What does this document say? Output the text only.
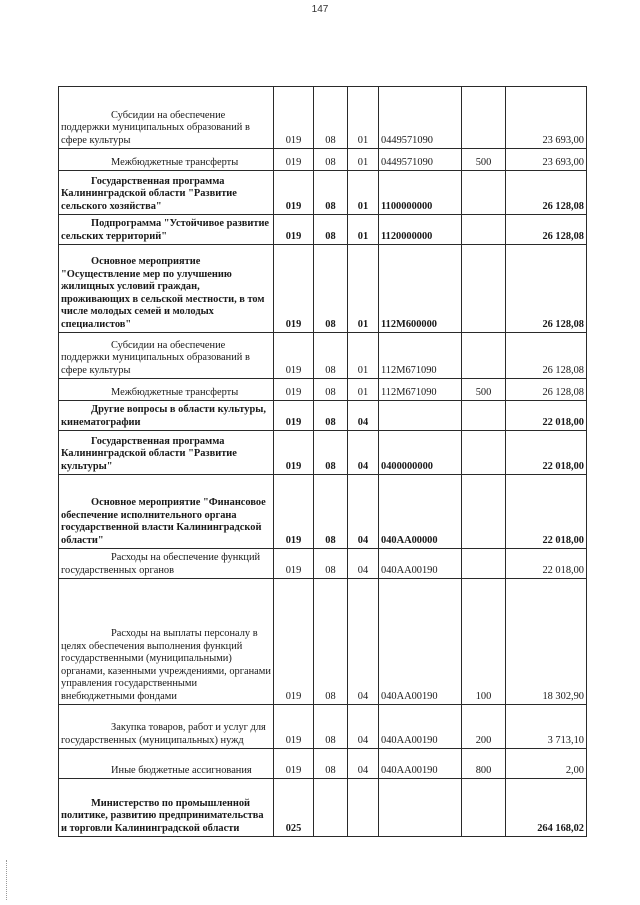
147
Субсидии на обеспечение поддержки муниципальных образований в сфере культуры	019	08	01	0449571090		23 693,00
Межбюджетные трансферты	019	08	01	0449571090	500	23 693,00
Государственная программа Калининградской области "Развитие сельского хозяйства"	019	08	01	1100000000		26 128,08
Подпрограмма "Устойчивое развитие сельских территорий"	019	08	01	1120000000		26 128,08
Основное мероприятие "Осуществление мер по улучшению жилищных условий граждан, проживающих в сельской местности, в том числе молодых семей и молодых специалистов"	019	08	01	112M600000		26 128,08
Субсидии на обеспечение поддержки муниципальных образований в сфере культуры	019	08	01	112M671090		26 128,08
Межбюджетные трансферты	019	08	01	112M671090	500	26 128,08
Другие вопросы в области культуры, кинематографии	019	08	04			22 018,00
Государственная программа Калининградской области "Развитие культуры"	019	08	04	0400000000		22 018,00
Основное мероприятие "Финансовое обеспечение исполнительного органа государственной власти Калининградской области"	019	08	04	040AA00000		22 018,00
Расходы на обеспечение функций государственных органов	019	08	04	040AA00190		22 018,00
Расходы на выплаты персоналу в целях обеспечения выполнения функций государственными (муниципальными) органами, казенными учреждениями, органами управления государственными внебюджетными фондами	019	08	04	040AA00190	100	18 302,90
Закупка товаров, работ и услуг для государственных (муниципальных) нужд	019	08	04	040AA00190	200	3 713,10
Иные бюджетные ассигнования	019	08	04	040AA00190	800	2,00
Министерство по промышленной политике, развитию предпринимательства и торговли Калининградской области	025					264 168,02
